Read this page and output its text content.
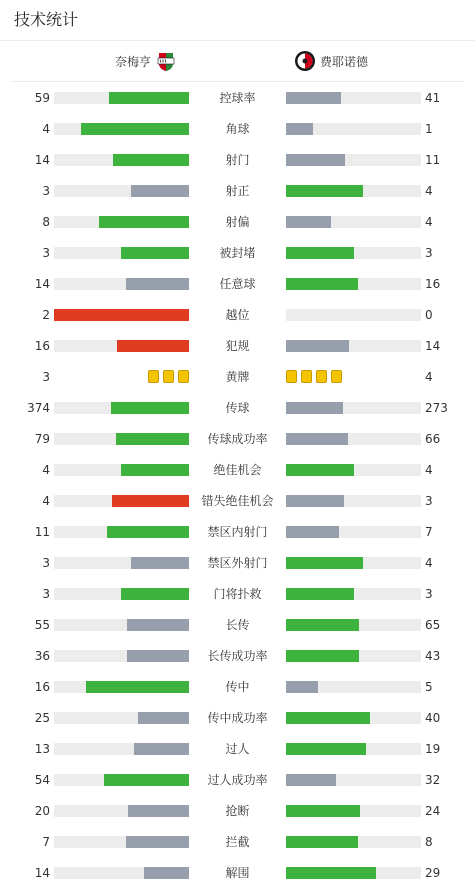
技术统计
奈梅亨	费耶诺德
59	控球率	41
4	角球	1
14	射门	11
3	射正	4
8	射偏	4
3	被封堵	3
14	任意球	16
2	越位	0
16	犯规	14
3	黄牌	4
374	传球	273
79	传球成功率	66
4	绝佳机会	4
4	错失绝佳机会	3
11	禁区内射门	7
3	禁区外射门	4
3	门将扑救	3
55	长传	65
36	长传成功率	43
16	传中	5
25	传中成功率	40
13	过人	19
54	过人成功率	32
20	抢断	24
7	拦截	8
14	解围	29
